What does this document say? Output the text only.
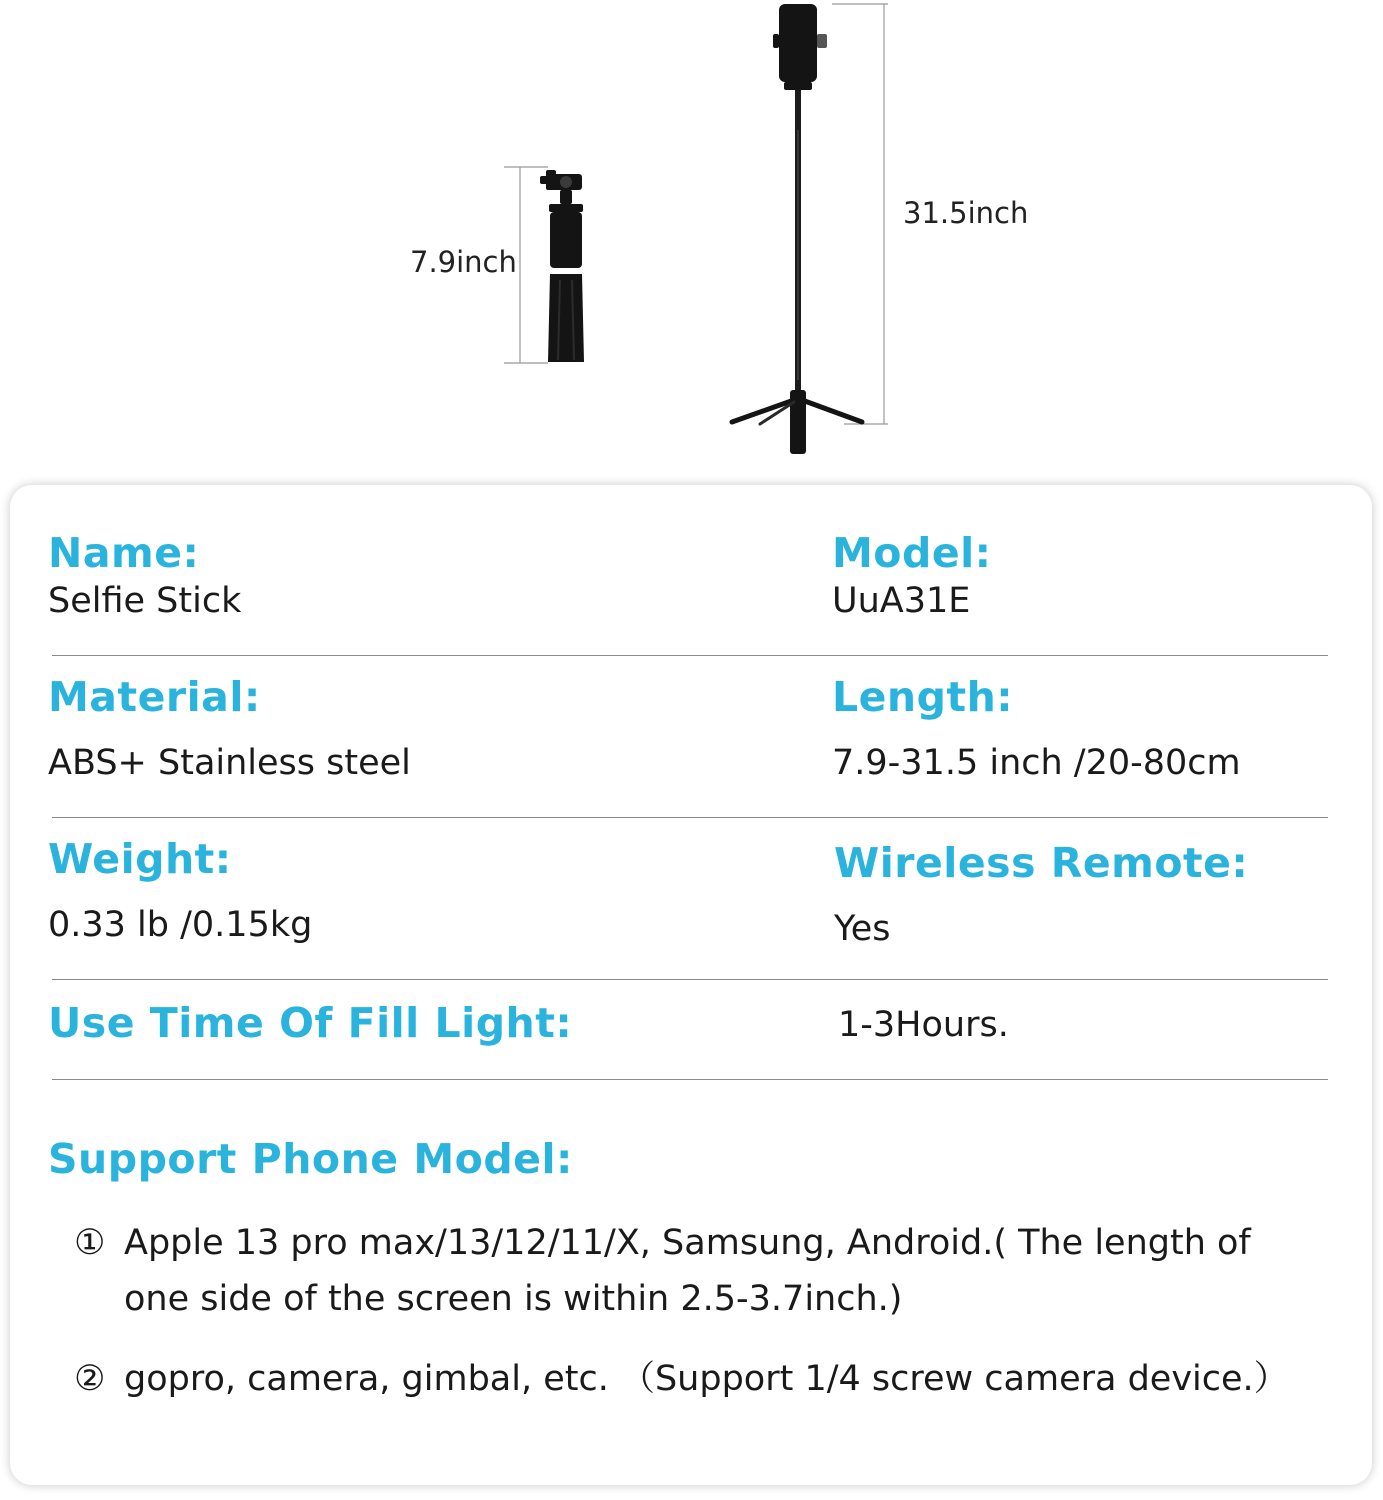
7.9inch
31.5inch
Name:
Selfie Stick
Model:
UuA31E
Material:
ABS+ Stainless steel
Length:
7.9-31.5 inch /20-80cm
Weight:
0.33 lb /0.15kg
Wireless Remote:
Yes
Use Time Of Fill Light:	1-3Hours.
Support Phone Model:
① Apple 13 pro max/13/12/11/X, Samsung, Android.( The length of one side of the screen is within 2.5-3.7inch.)
② gopro, camera, gimbal, etc. （Support 1/4 screw camera device.）
